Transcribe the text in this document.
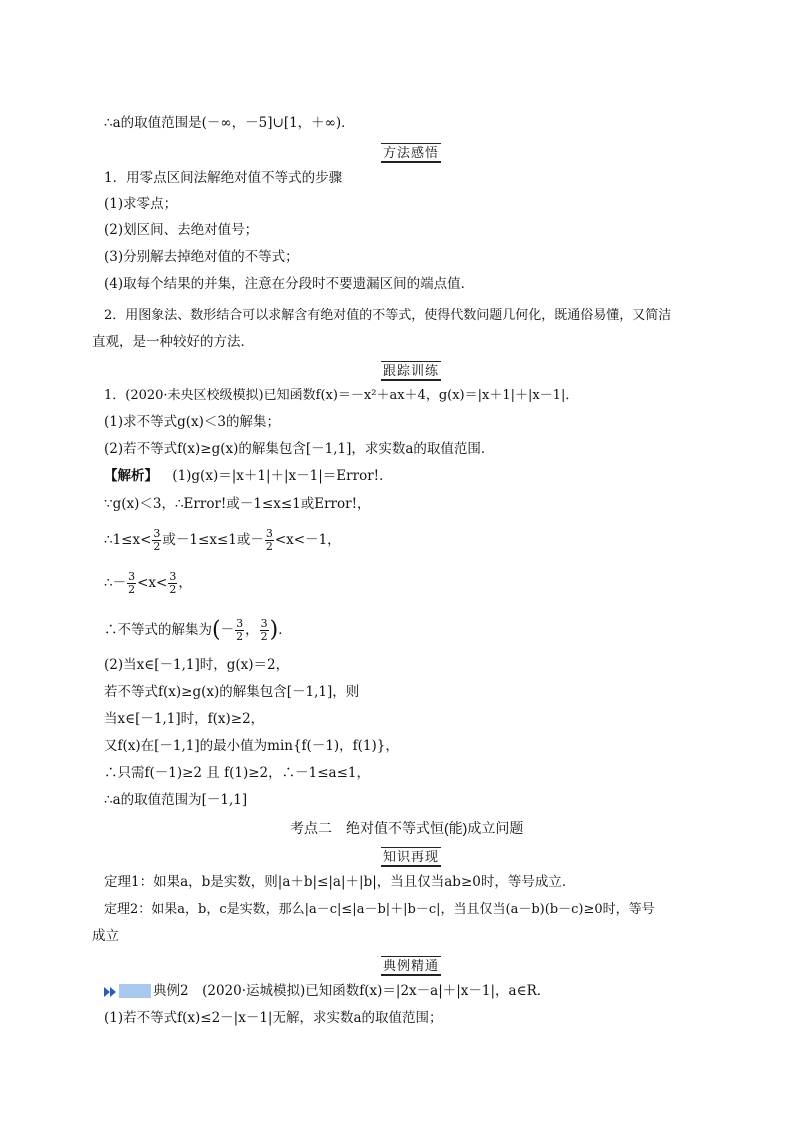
∴a的取值范围是(－∞，－5]∪[1，＋∞)．
方法感悟
1．用零点区间法解绝对值不等式的步骤
(1)求零点；
(2)划区间、去绝对值号；
(3)分别解去掉绝对值的不等式；
(4)取每个结果的并集，注意在分段时不要遗漏区间的端点值．
2．用图象法、数形结合可以求解含有绝对值的不等式，使得代数问题几何化，既通俗易懂，又简洁
直观，是一种较好的方法．
跟踪训练
1．(2020·未央区校级模拟)已知函数f(x)＝－x²＋ax＋4，g(x)＝|x＋1|＋|x－1|．
(1)求不等式g(x)＜3的解集；
(2)若不等式f(x)≥g(x)的解集包含[－1,1]，求实数a的取值范围．
【解析】 (1)g(x)＝|x＋1|＋|x－1|＝Error!．
∵g(x)＜3，∴Error!或－1≤x≤1或Error!，
∴1≤x< $\frac{3}{2}$ 或－1≤x≤1或－ $\frac{3}{2} <x<-1$，
∴－ $\frac{3}{2} <x< \frac{3}{2}$ ，
∴不等式的解集为(－ $\frac{3}{2}$ ， $\frac{3}{2}$ )．
(2)当x∈[－1,1]时，g(x)＝2，
若不等式f(x)≥g(x)的解集包含[－1,1]，则
当x∈[－1,1]时，f(x)≥2，
又f(x)在[－1,1]的最小值为min{f(－1)，f(1)}，
∴只需f(－1)≥2 且 f(1)≥2，∴－1≤a≤1，
∴a的取值范围为[－1,1]
考点二　绝对值不等式恒(能)成立问题
知识再现
定理1：如果a，b是实数，则|a＋b|≤|a|＋|b|，当且仅当ab≥0时，等号成立．
定理2：如果a，b，c是实数，那么|a－c|≤|a－b|＋|b－c|，当且仅当(a－b)(b－c)≥0时，等号
成立
典例精通
典例2　(2020·运城模拟)已知函数f(x)＝|2x－a|＋|x－1|，a∈R．
(1)若不等式f(x)≤2－|x－1|无解，求实数a的取值范围；
